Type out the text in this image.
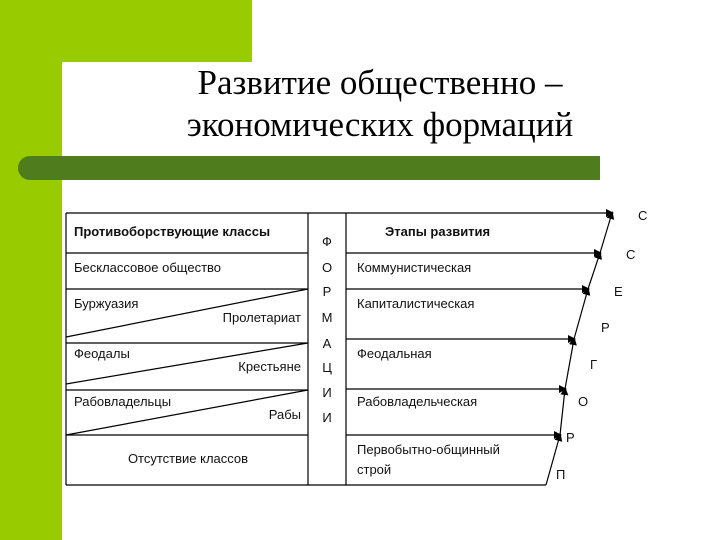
Развитие общественно –
экономических формаций
Противоборствующие классы	Этапы развития
Бесклассовое общество
Буржуазия
Пролетариат
Феодалы
Крестьяне
Рабовладельцы
Рабы
Отсутствие классов
Коммунистическая
Капиталистическая
Феодальная
Рабовладельческая
Первобытно-общинный
строй
Ф
О
Р
М
А
Ц
И
И
П
Р
О
Г
Р
Е
С
С
